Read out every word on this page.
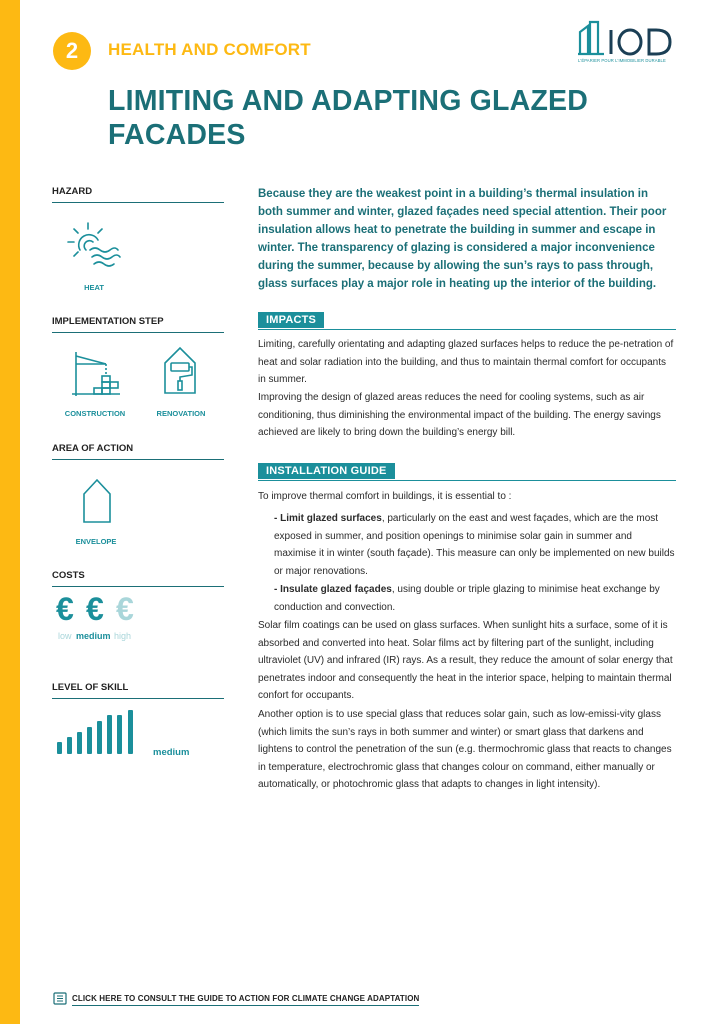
2	HEALTH AND COMFORT
L'ÉPARIER POUR L'IMMOBILIER DURABLE
LIMITING AND ADAPTING GLAZED FACADES
HAZARD
HEAT
IMPLEMENTATION STEP
CONSTRUCTION	RENOVATION
AREA OF ACTION
ENVELOPE
COSTS
€ € €
low medium high
LEVEL OF SKILL
medium

Because they are the weakest point in a building’s thermal insulation in both summer and winter, glazed façades need special attention. Their poor insulation allows heat to penetrate the building in summer and escape in winter. The transparency of glazing is considered a major inconvenience during the summer, because by allowing the sun’s rays to pass through, glass surfaces play a major role in heating up the interior of the building.

IMPACTS

Limiting, carefully orientating and adapting glazed surfaces helps to reduce the pe-netration of heat and solar radiation into the building, and thus to maintain thermal comfort for occupants in summer.

Improving the design of glazed areas reduces the need for cooling systems, such as air conditioning, thus diminishing the environmental impact of the building. The energy savings achieved are likely to bring down the building’s energy bill.

INSTALLATION GUIDE

To improve thermal comfort in buildings, it is essential to :

- Limit glazed surfaces, particularly on the east and west façades, which are the most exposed in summer, and position openings to minimise solar gain in summer and maximise it in winter (south façade). This measure can only be implemented on new builds or major renovations.

- Insulate glazed façades, using double or triple glazing to minimise heat exchange by conduction and convection.

Solar film coatings can be used on glass surfaces. When sunlight hits a surface, some of it is absorbed and converted into heat. Solar films act by filtering part of the sunlight, including ultraviolet (UV) and infrared (IR) rays. As a result, they reduce the amount of solar energy that penetrates indoor and consequently the heat in the interior space, helping to maintain thermal confort for occupants.

Another option is to use special glass that reduces solar gain, such as low-emissi-vity glass (which limits the sun’s rays in both summer and winter) or smart glass that darkens and lightens to control the penetration of the sun (e.g. thermochromic glass that reacts to changes in temperature, electrochromic glass that changes colour on command, either manually or automatically, or photochromic glass that adapts to changes in light intensity).

CLICK HERE TO CONSULT THE GUIDE TO ACTION FOR CLIMATE CHANGE ADAPTATION
